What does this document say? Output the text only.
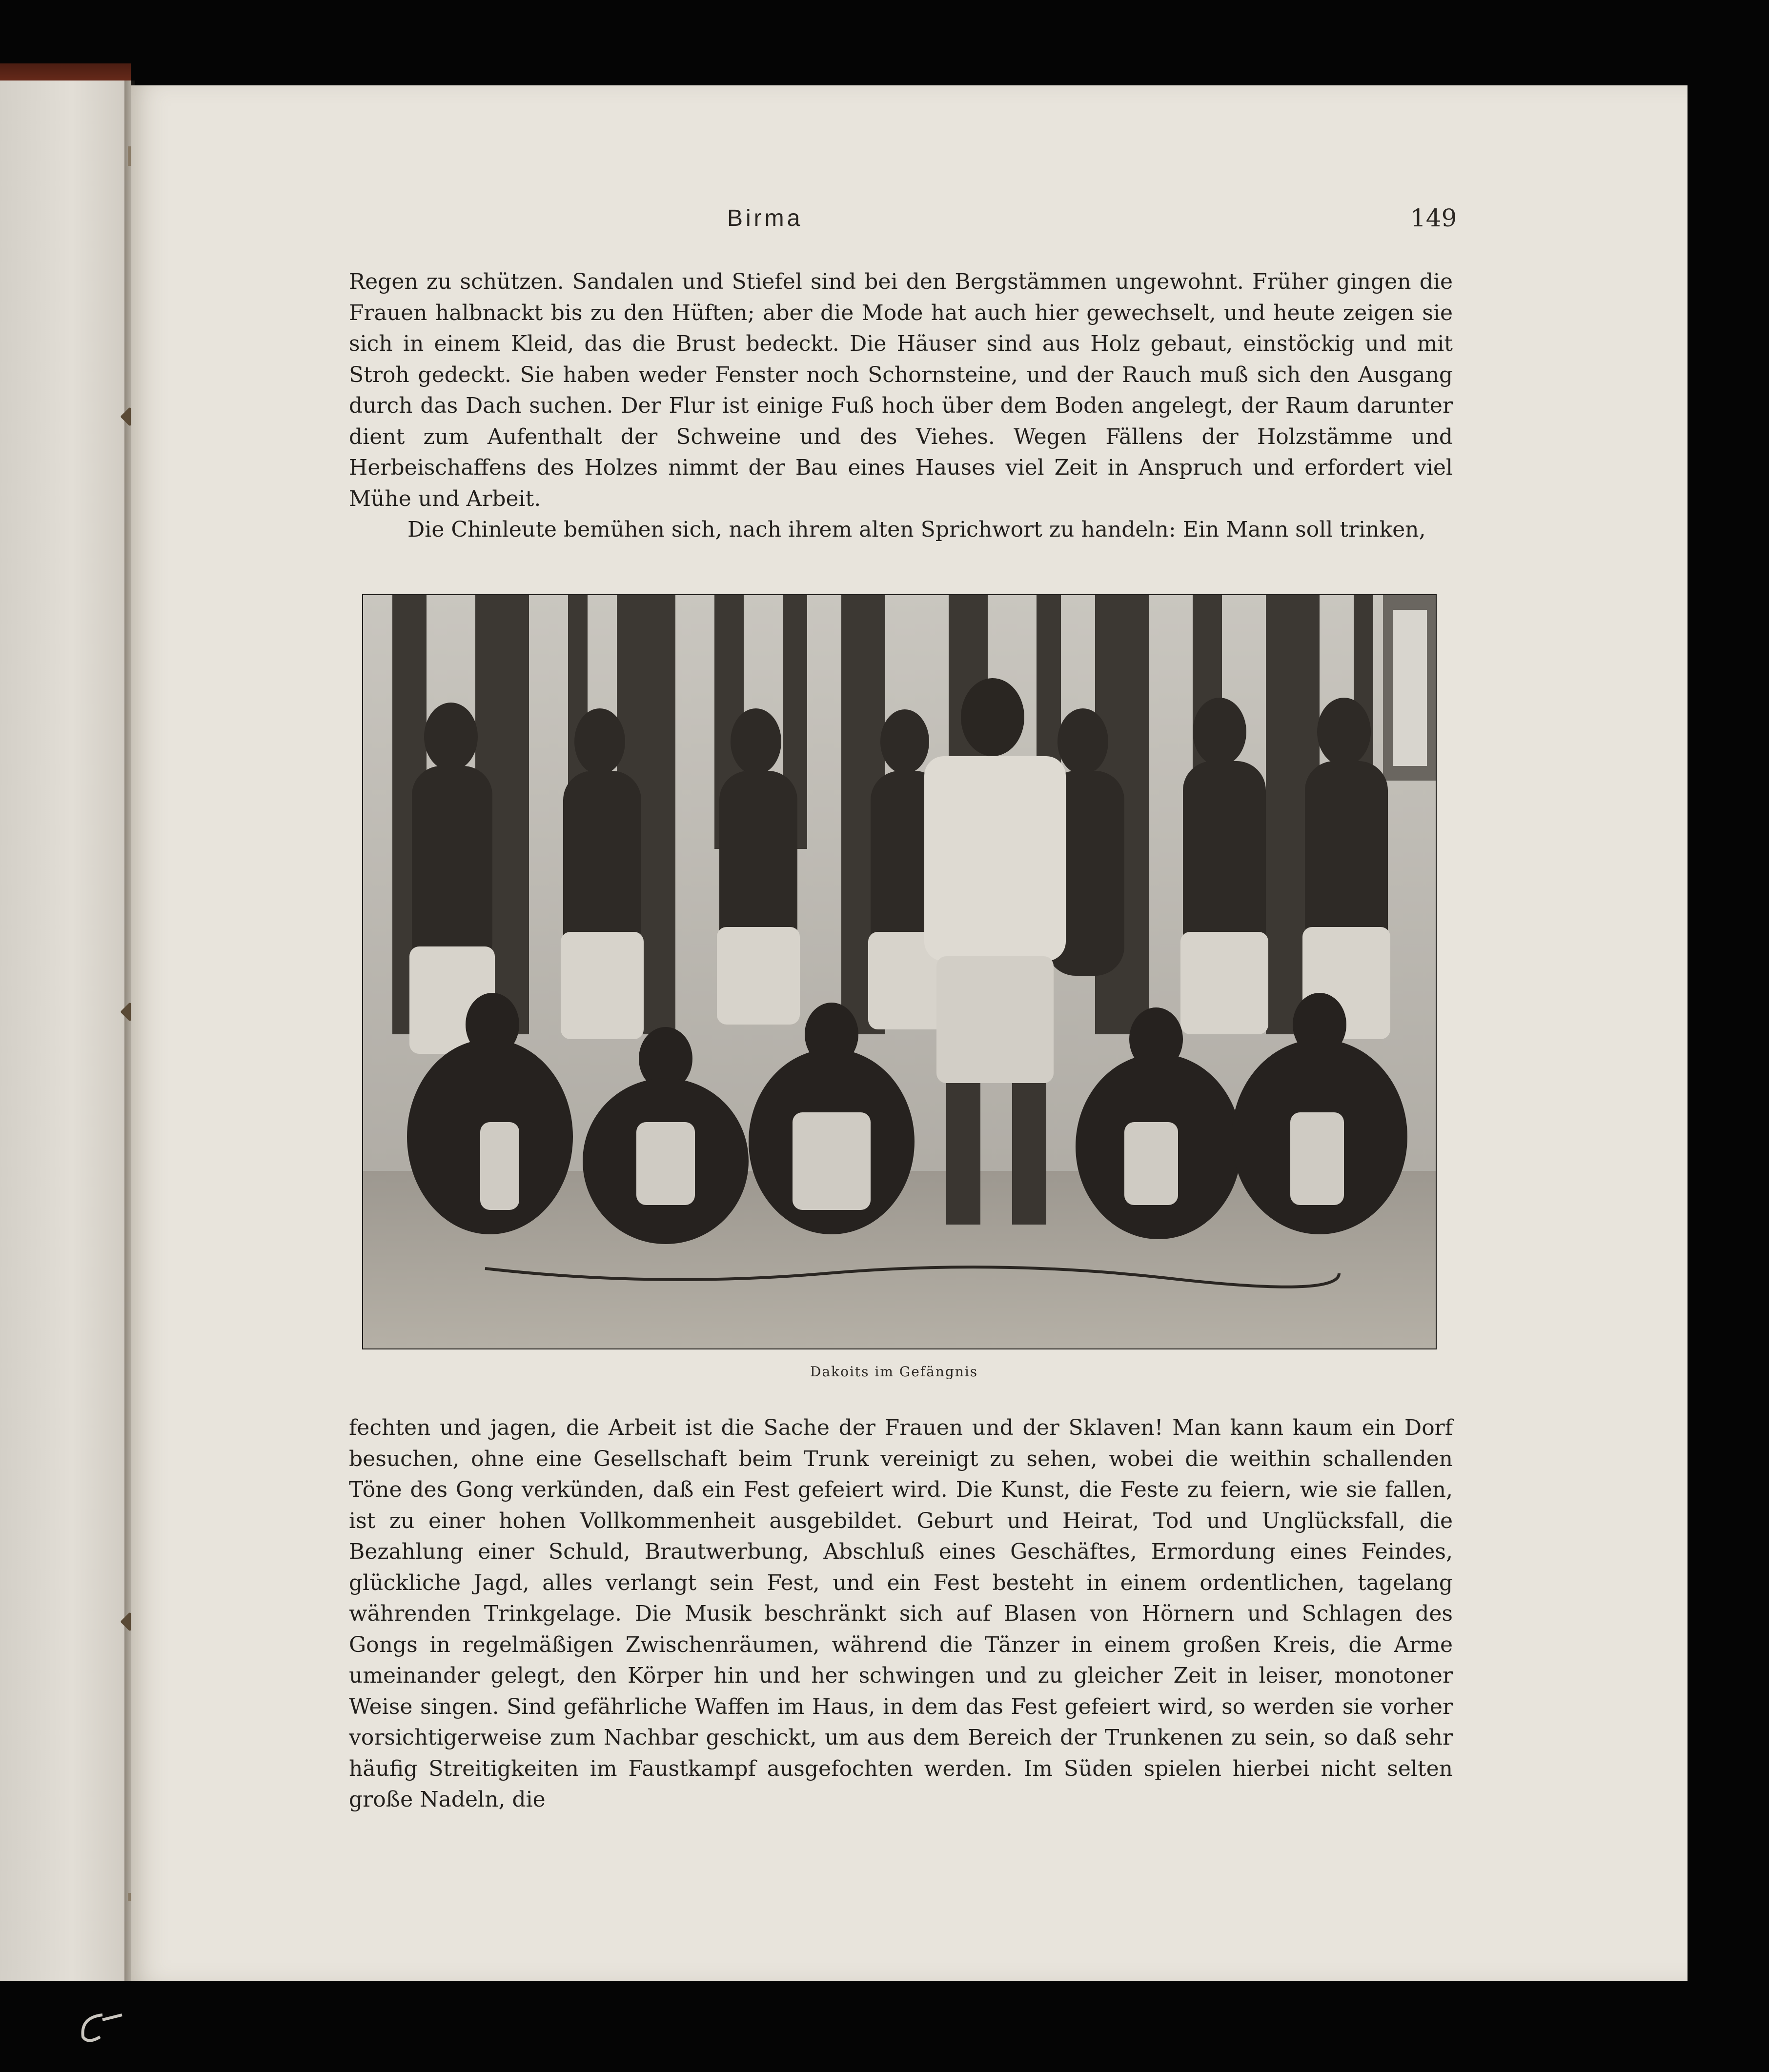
Birma	149

Regen zu schützen. Sandalen und Stiefel sind bei den Bergstämmen ungewohnt. Früher gingen die Frauen halbnackt bis zu den Hüften; aber die Mode hat auch hier gewechselt, und heute zeigen sie sich in einem Kleid, das die Brust bedeckt. Die Häuser sind aus Holz gebaut, einstöckig und mit Stroh gedeckt. Sie haben weder Fenster noch Schornsteine, und der Rauch muß sich den Ausgang durch das Dach suchen. Der Flur ist einige Fuß hoch über dem Boden angelegt, der Raum darunter dient zum Aufenthalt der Schweine und des Viehes. Wegen Fällens der Holzstämme und Herbeischaffens des Holzes nimmt der Bau eines Hauses viel Zeit in Anspruch und erfordert viel Mühe und Arbeit.

Die Chinleute bemühen sich, nach ihrem alten Sprichwort zu handeln: Ein Mann soll trinken,

Dakoits im Gefängnis

fechten und jagen, die Arbeit ist die Sache der Frauen und der Sklaven! Man kann kaum ein Dorf besuchen, ohne eine Gesellschaft beim Trunk vereinigt zu sehen, wobei die weithin schallenden Töne des Gong verkünden, daß ein Fest gefeiert wird. Die Kunst, die Feste zu feiern, wie sie fallen, ist zu einer hohen Vollkommenheit ausgebildet. Geburt und Heirat, Tod und Unglücksfall, die Bezahlung einer Schuld, Brautwerbung, Abschluß eines Geschäftes, Ermordung eines Feindes, glückliche Jagd, alles verlangt sein Fest, und ein Fest besteht in einem ordentlichen, tagelang währenden Trinkgelage. Die Musik beschränkt sich auf Blasen von Hörnern und Schlagen des Gongs in regelmäßigen Zwischenräumen, während die Tänzer in einem großen Kreis, die Arme umeinander gelegt, den Körper hin und her schwingen und zu gleicher Zeit in leiser, monotoner Weise singen. Sind gefährliche Waffen im Haus, in dem das Fest gefeiert wird, so werden sie vorher vorsichtigerweise zum Nachbar geschickt, um aus dem Bereich der Trunkenen zu sein, so daß sehr häufig Streitigkeiten im Faustkampf ausgefochten werden. Im Süden spielen hierbei nicht selten große Nadeln, die
